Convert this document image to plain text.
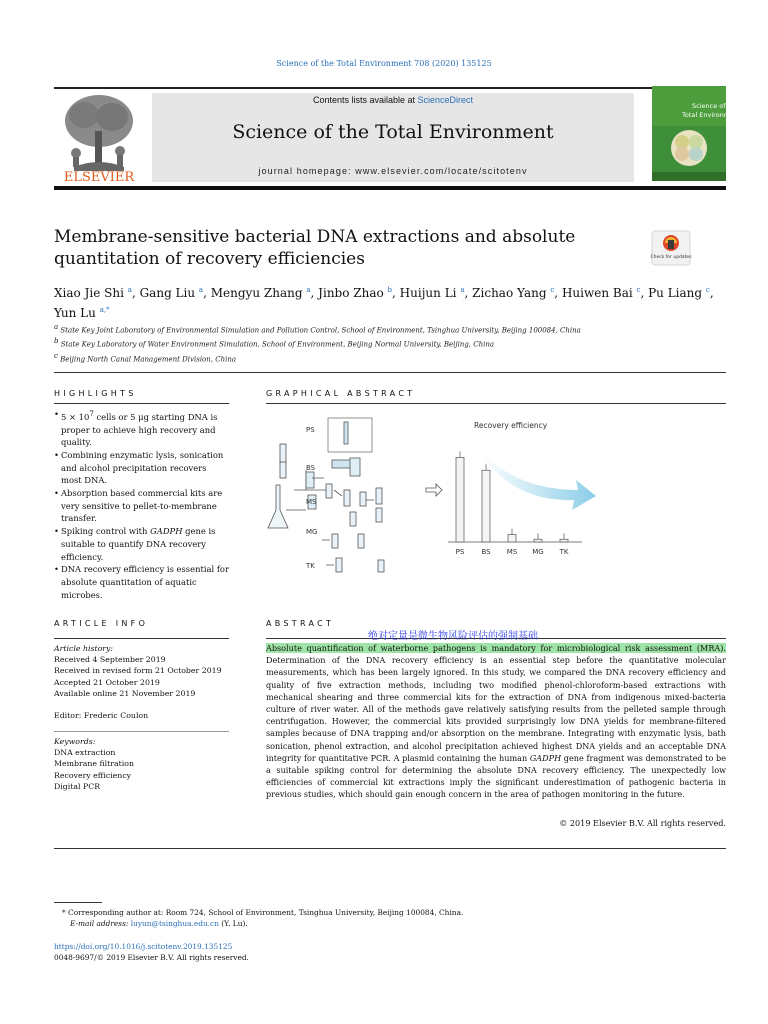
Science of the Total Environment 708 (2020) 135125
ELSEVIER
Contents lists available at ScienceDirect
Science of the Total Environment
journal homepage: www.elsevier.com/locate/scitotenv
Science of the
Total Environment
Membrane-sensitive bacterial DNA extractions and absolute
quantitation of recovery efficiencies	Check for updates
Xiao Jie Shi $^a$, Gang Liu $^a$, Mengyu Zhang $^a$, Jinbo Zhao $^b$, Huijun Li $^a$, Zichao Yang $^c$, Huiwen Bai $^c$, Pu Liang $^c$, Yun Lu $^{a,*}$
$^a$ State Key Joint Laboratory of Environmental Simulation and Pollution Control, School of Environment, Tsinghua University, Beijing 100084, China
$^b$ State Key Laboratory of Water Environment Simulation, School of Environment, Beijing Normal University, Beijing, China
$^c$ Beijing North Canal Management Division, China
HIGHLIGHTS
• $5 \times 10^7$ cells or 5 μg starting DNA is proper to achieve high recovery and quality.
• Combining enzymatic lysis, sonication and alcohol precipitation recovers most DNA.
• Absorption based commercial kits are very sensitive to pellet-to-membrane transfer.
• Spiking control with GADPH gene is suitable to quantify DNA recovery efficiency.
• DNA recovery efficiency is essential for absolute quantitation of aquatic microbes.
GRAPHICAL ABSTRACT
PS
BS
MS
MG
TK
Recovery efficiency
PS BS MS MG TK
ARTICLE INFO
Article history:
Received 4 September 2019
Received in revised form 21 October 2019
Accepted 21 October 2019
Available online 21 November 2019
Editor: Frederic Coulon
Keywords:
DNA extraction
Membrane filtration
Recovery efficiency
Digital PCR
ABSTRACT
绝对定量是微生物风险评估的强制基础
Absolute quantification of waterborne pathogens is mandatory for microbiological risk assessment (MRA). Determination of the DNA recovery efficiency is an essential step before the quantitative molecular measurements, which has been largely ignored. In this study, we compared the DNA recovery efficiency and quality of five extraction methods, including two modified phenol-chloroform-based extractions with mechanical shearing and three commercial kits for the extraction of DNA from indigenous mixed-bacteria culture of river water. All of the methods gave relatively satisfying results from the pelleted sample through centrifugation. However, the commercial kits provided surprisingly low DNA yields for membrane-filtered samples because of DNA trapping and/or absorption on the membrane. Integrating with enzymatic lysis, bath sonication, phenol extraction, and alcohol precipitation achieved highest DNA yields and an acceptable DNA integrity for quantitative PCR. A plasmid containing the human GADPH gene fragment was demonstrated to be a suitable spiking control for determining the absolute DNA recovery efficiency. The unexpectedly low efficiencies of commercial kit extractions imply the significant underestimation of pathogenic bacteria in previous studies, which should gain enough concern in the area of pathogen monitoring in the future.
© 2019 Elsevier B.V. All rights reserved.
* Corresponding author at: Room 724, School of Environment, Tsinghua University, Beijing 100084, China.
E-mail address: luyun@tsinghua.edu.cn (Y. Lu).
https://doi.org/10.1016/j.scitotenv.2019.135125
0048-9697/© 2019 Elsevier B.V. All rights reserved.
